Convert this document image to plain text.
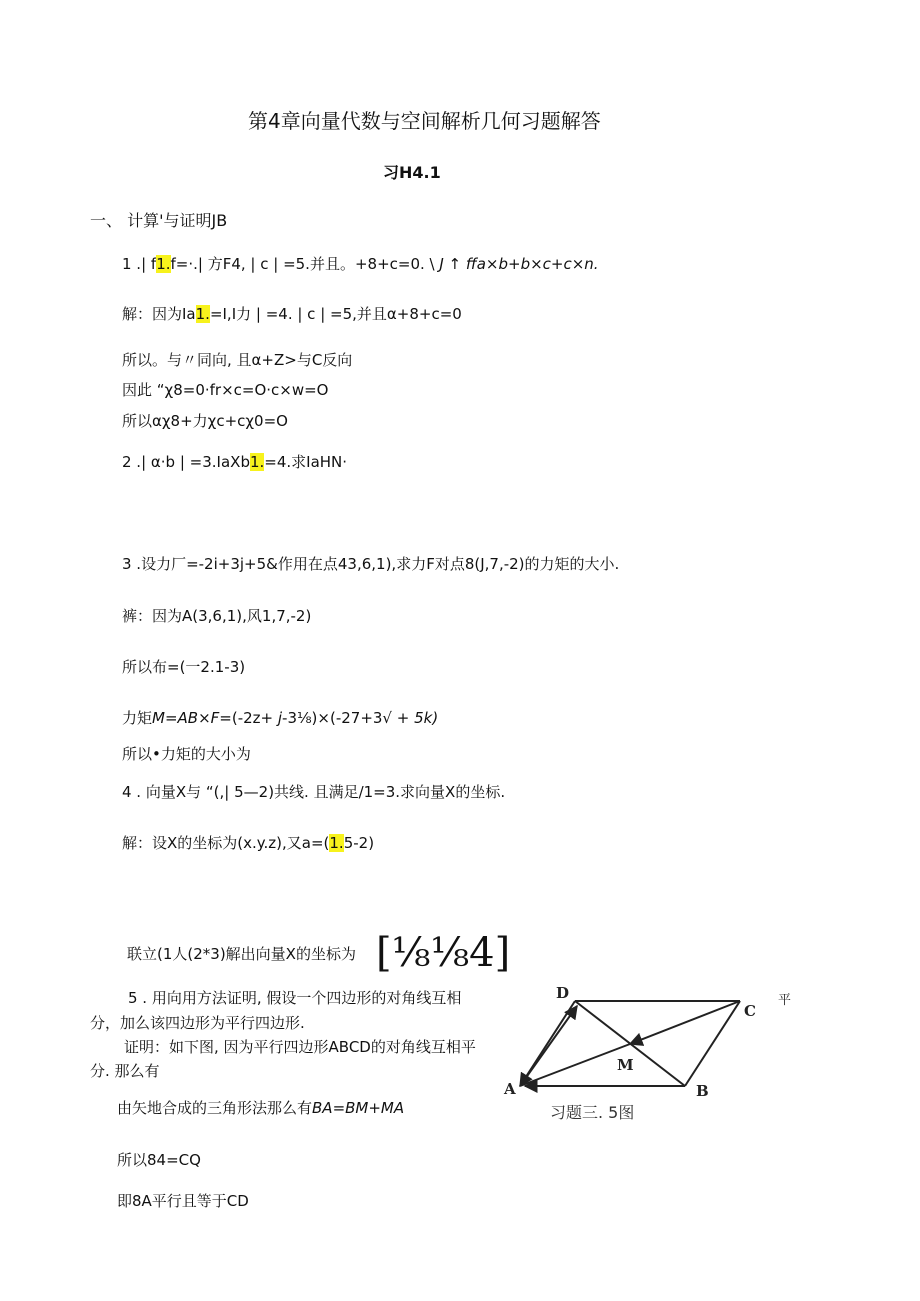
第4章向量代数与空间解析几何习题解答
习H4.1
一、 计算'与证明JB
1 .| f1.f=·.| 方F4, | c | =5.并且。+8+c=0. \ J ↑ ffa×b+b×c+c×n.
解：因为Ia1.=I,I力 | =4. | c | =5,并且α+8+c=0
所以。与〃同向, 且α+Z>与C反向
因此 “χ8=0·fr×c=O·c×w=O
所以αχ8+力χc+cχ0=O
2 .| α·b | =3.IaXb1.=4.求IaHN·
3 .设力厂=-2i+3j+5&作用在点43,6,1),求力F对点8(J,7,-2)的力矩的大小.
裤：因为A(3,6,1),风1,7,-2)
所以布=(一2.1-3)
力矩M=AB×F=(-2z+ j-3⅛)×(-27+3√ + 5k)
所以•力矩的大小为
4 . 向量X与 “(,| 5—2)共线. 且满足/1=3.求向量X的坐标.
解：设X的坐标为(x.y.z),又a=(1.5-2)
联立(1人(2*3)解出向量X的坐标为 [⅛⅛4]
5 . 用向用方法证明, 假设一个四边形的对角线互相
分，加么该四边形为平行四边形.
证明：如下图, 因为平行四边形ABCD的对角线互相平
分. 那么有
由矢地合成的三角形法那么有BA=BM+MA
所以84=CQ
即8A平行且等于CD
D
C
A	B
M
平
习题三. 5图
